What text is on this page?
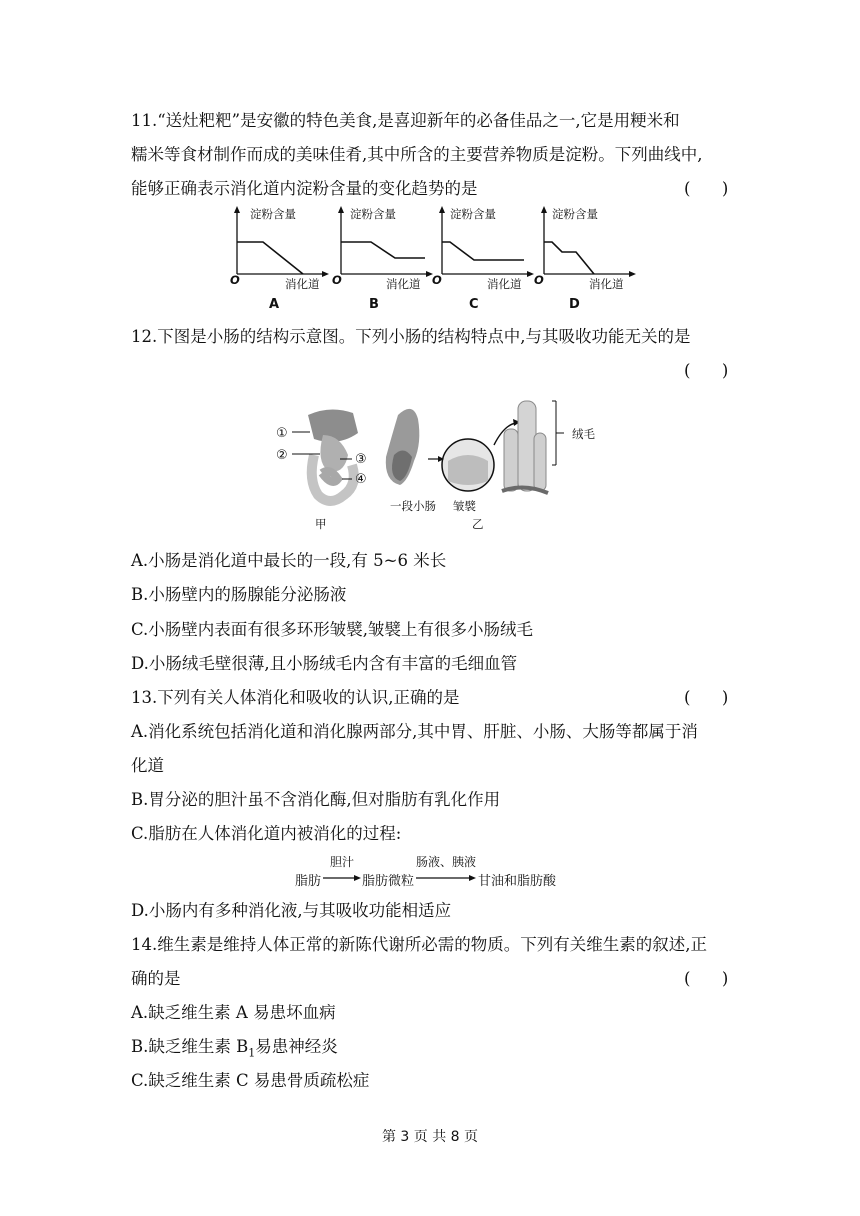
11.“送灶粑粑”是安徽的特色美食,是喜迎新年的必备佳品之一,它是用粳米和
糯米等食材制作而成的美味佳肴,其中所含的主要营养物质是淀粉。下列曲线中,
能够正确表示消化道内淀粉含量的变化趋势的是	(      )
淀粉含量
O	消化道
A
淀粉含量
O	消化道
B
淀粉含量
O	消化道
C
淀粉含量
O	消化道
D
12.下图是小肠的结构示意图。下列小肠的结构特点中,与其吸收功能无关的是
(      )
①
②	③
④
甲	乙
一段小肠 皱襞
绒毛
A.小肠是消化道中最长的一段,有 5~6 米长
B.小肠壁内的肠腺能分泌肠液
C.小肠壁内表面有很多环形皱襞,皱襞上有很多小肠绒毛
D.小肠绒毛壁很薄,且小肠绒毛内含有丰富的毛细血管
13.下列有关人体消化和吸收的认识,正确的是	(      )
A.消化系统包括消化道和消化腺两部分,其中胃、肝脏、小肠、大肠等都属于消
化道
B.胃分泌的胆汁虽不含消化酶,但对脂肪有乳化作用
C.脂肪在人体消化道内被消化的过程:
脂肪
胆汁
脂肪微粒
肠液、胰液
甘油和脂肪酸
D.小肠内有多种消化液,与其吸收功能相适应
14.维生素是维持人体正常的新陈代谢所必需的物质。下列有关维生素的叙述,正
确的是	(      )
A.缺乏维生素 A 易患坏血病
B.缺乏维生素 $B_1$易患神经炎
C.缺乏维生素 C 易患骨质疏松症
第 3 页 共 8 页
